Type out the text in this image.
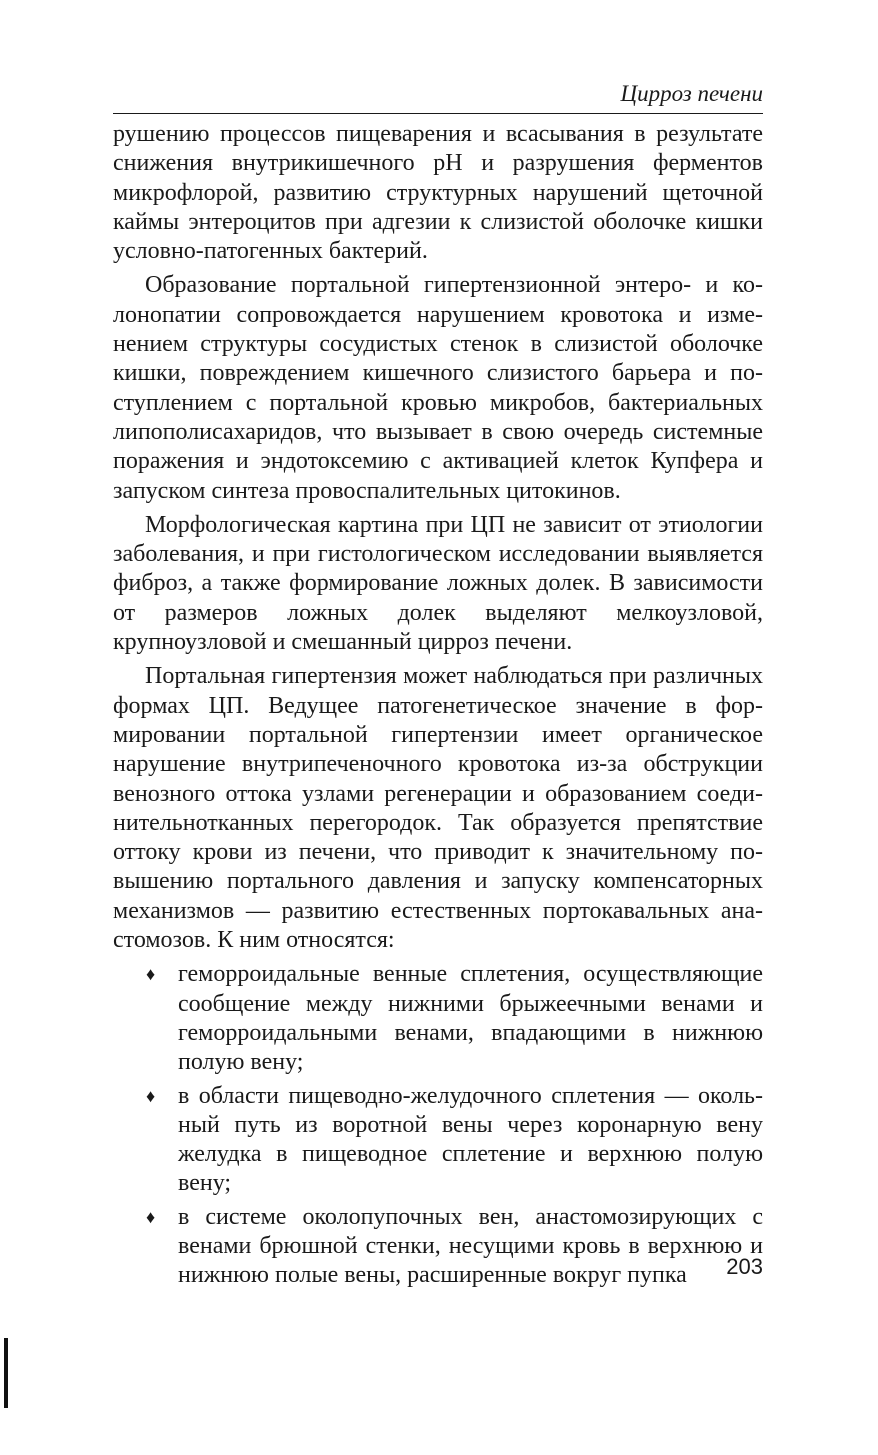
Цирроз печени

рушению процессов пищеварения и всасывания в результате снижения внутрикишечного pH и разрушения ферментов микрофлорой, развитию структурных нарушений щеточной каймы энтероцитов при адгезии к слизистой оболочке кишки условно-патогенных бактерий.

Образование портальной гипертензионной энтеро- и колонопатии сопровождается нарушением кровотока и изменением структуры сосудистых стенок в слизистой оболочке кишки, повреждением кишечного слизистого барьера и поступлением с портальной кровью микробов, бактериальных липополисахаридов, что вызывает в свою очередь системные поражения и эндотоксемию с активацией клеток Купфера и запуском синтеза провоспалительных цитокинов.

Морфологическая картина при ЦП не зависит от этиологии заболевания, и при гистологическом исследовании выявляется фиброз, а также формирование ложных долек. В зависимости от размеров ложных долек выделяют мелкоузловой, крупноузловой и смешанный цирроз печени.

Портальная гипертензия может наблюдаться при различных формах ЦП. Ведущее патогенетическое значение в формировании портальной гипертензии имеет органическое нарушение внутрипеченочного кровотока из-за обструкции венозного оттока узлами регенерации и образованием соединительнотканных перегородок. Так образуется препятствие оттоку крови из печени, что приводит к значительному повышению портального давления и запуску компенсаторных механизмов — развитию естественных портокавальных анастомозов. К ним относятся:

♦ геморроидальные венные сплетения, осуществляющие сообщение между нижними брыжеечными венами и геморроидальными венами, впадающими в нижнюю полую вену;
♦ в области пищеводно-желудочного сплетения — окольный путь из воротной вены через коронарную вену желудка в пищеводное сплетение и верхнюю полую вену;
♦ в системе околопупочных вен, анастомозирующих с венами брюшной стенки, несущими кровь в верхнюю и нижнюю полые вены, расширенные вокруг пупка	203
